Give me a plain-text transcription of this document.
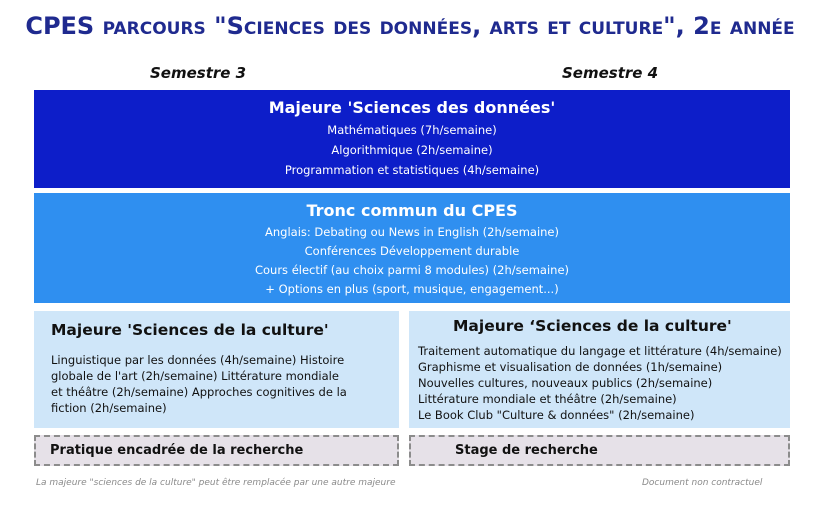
CPES parcours "Sciences des données, arts et culture", 2e année
Semestre 3	Semestre 4
Majeure 'Sciences des données'
Mathématiques (7h/semaine)
Algorithmique (2h/semaine)
Programmation et statistiques (4h/semaine)
Tronc commun du CPES
Anglais: Debating ou News in English (2h/semaine)
Conférences Développement durable
Cours électif (au choix parmi 8 modules) (2h/semaine)
+ Options en plus (sport, musique, engagement...)
Majeure 'Sciences de la culture'
Linguistique par les données (4h/semaine) Histoire globale de l'art (2h/semaine) Littérature mondiale et théâtre (2h/semaine) Approches cognitives de la fiction (2h/semaine)
Majeure ‘Sciences de la culture'
Traitement automatique du langage et littérature (4h/semaine)
Graphisme et visualisation de données (1h/semaine)
Nouvelles cultures, nouveaux publics (2h/semaine)
Littérature mondiale et théâtre (2h/semaine)
Le Book Club "Culture & données" (2h/semaine)
Pratique encadrée de la recherche	Stage de recherche
La majeure "sciences de la culture" peut être remplacée par une autre majeure	Document non contractuel
